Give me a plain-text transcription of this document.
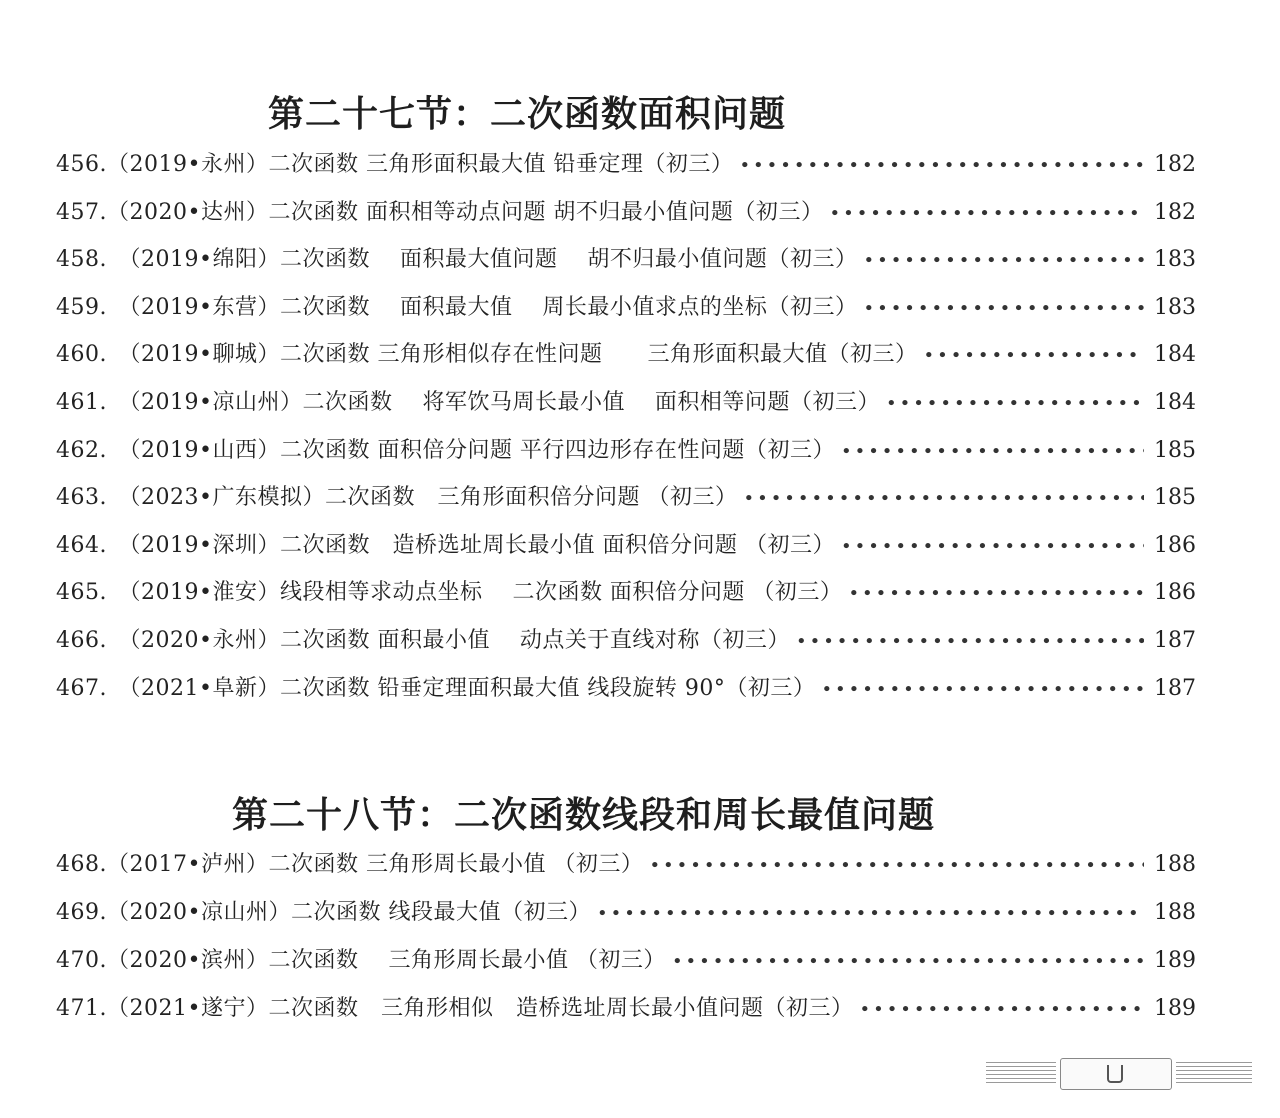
第二十七节：二次函数面积问题
456.（2019•永州）二次函数 三角形面积最大值 铅垂定理（初三） •••••	182
457.（2020•达州）二次函数 面积相等动点问题 胡不归最小值问题（初三） •••••	182
458.　（2019•绵阳）二次函数　 面积最大值问题　 胡不归最小值问题（初三） •••••	183
459.　（2019•东营）二次函数　 面积最大值　 周长最小值求点的坐标（初三） •••••	183
460.　（2019•聊城）二次函数 三角形相似存在性问题　　三角形面积最大值（初三） •••••	184
461.　（2019•凉山州）二次函数　 将军饮马周长最小值　 面积相等问题（初三） •••••	184
462.　（2019•山西）二次函数 面积倍分问题 平行四边形存在性问题（初三） •••••	185
463.　（2023•广东模拟）二次函数　三角形面积倍分问题 （初三） •••••	185
464.　（2019•深圳）二次函数　造桥选址周长最小值 面积倍分问题 （初三） •••••	186
465.　（2019•淮安）线段相等求动点坐标　 二次函数 面积倍分问题 （初三） •••••	186
466.　（2020•永州）二次函数 面积最小值　 动点关于直线对称（初三） •••••	187
467.　（2021•阜新）二次函数 铅垂定理面积最大值 线段旋转 90°（初三） •••••	187
第二十八节：二次函数线段和周长最值问题
468.（2017•泸州）二次函数 三角形周长最小值 （初三） •••••	188
469.（2020•凉山州）二次函数 线段最大值（初三） •••••	188
470.（2020•滨州）二次函数　 三角形周长最小值 （初三） •••••	189
471.（2021•遂宁）二次函数　三角形相似　造桥选址周长最小值问题（初三） •••••	189
